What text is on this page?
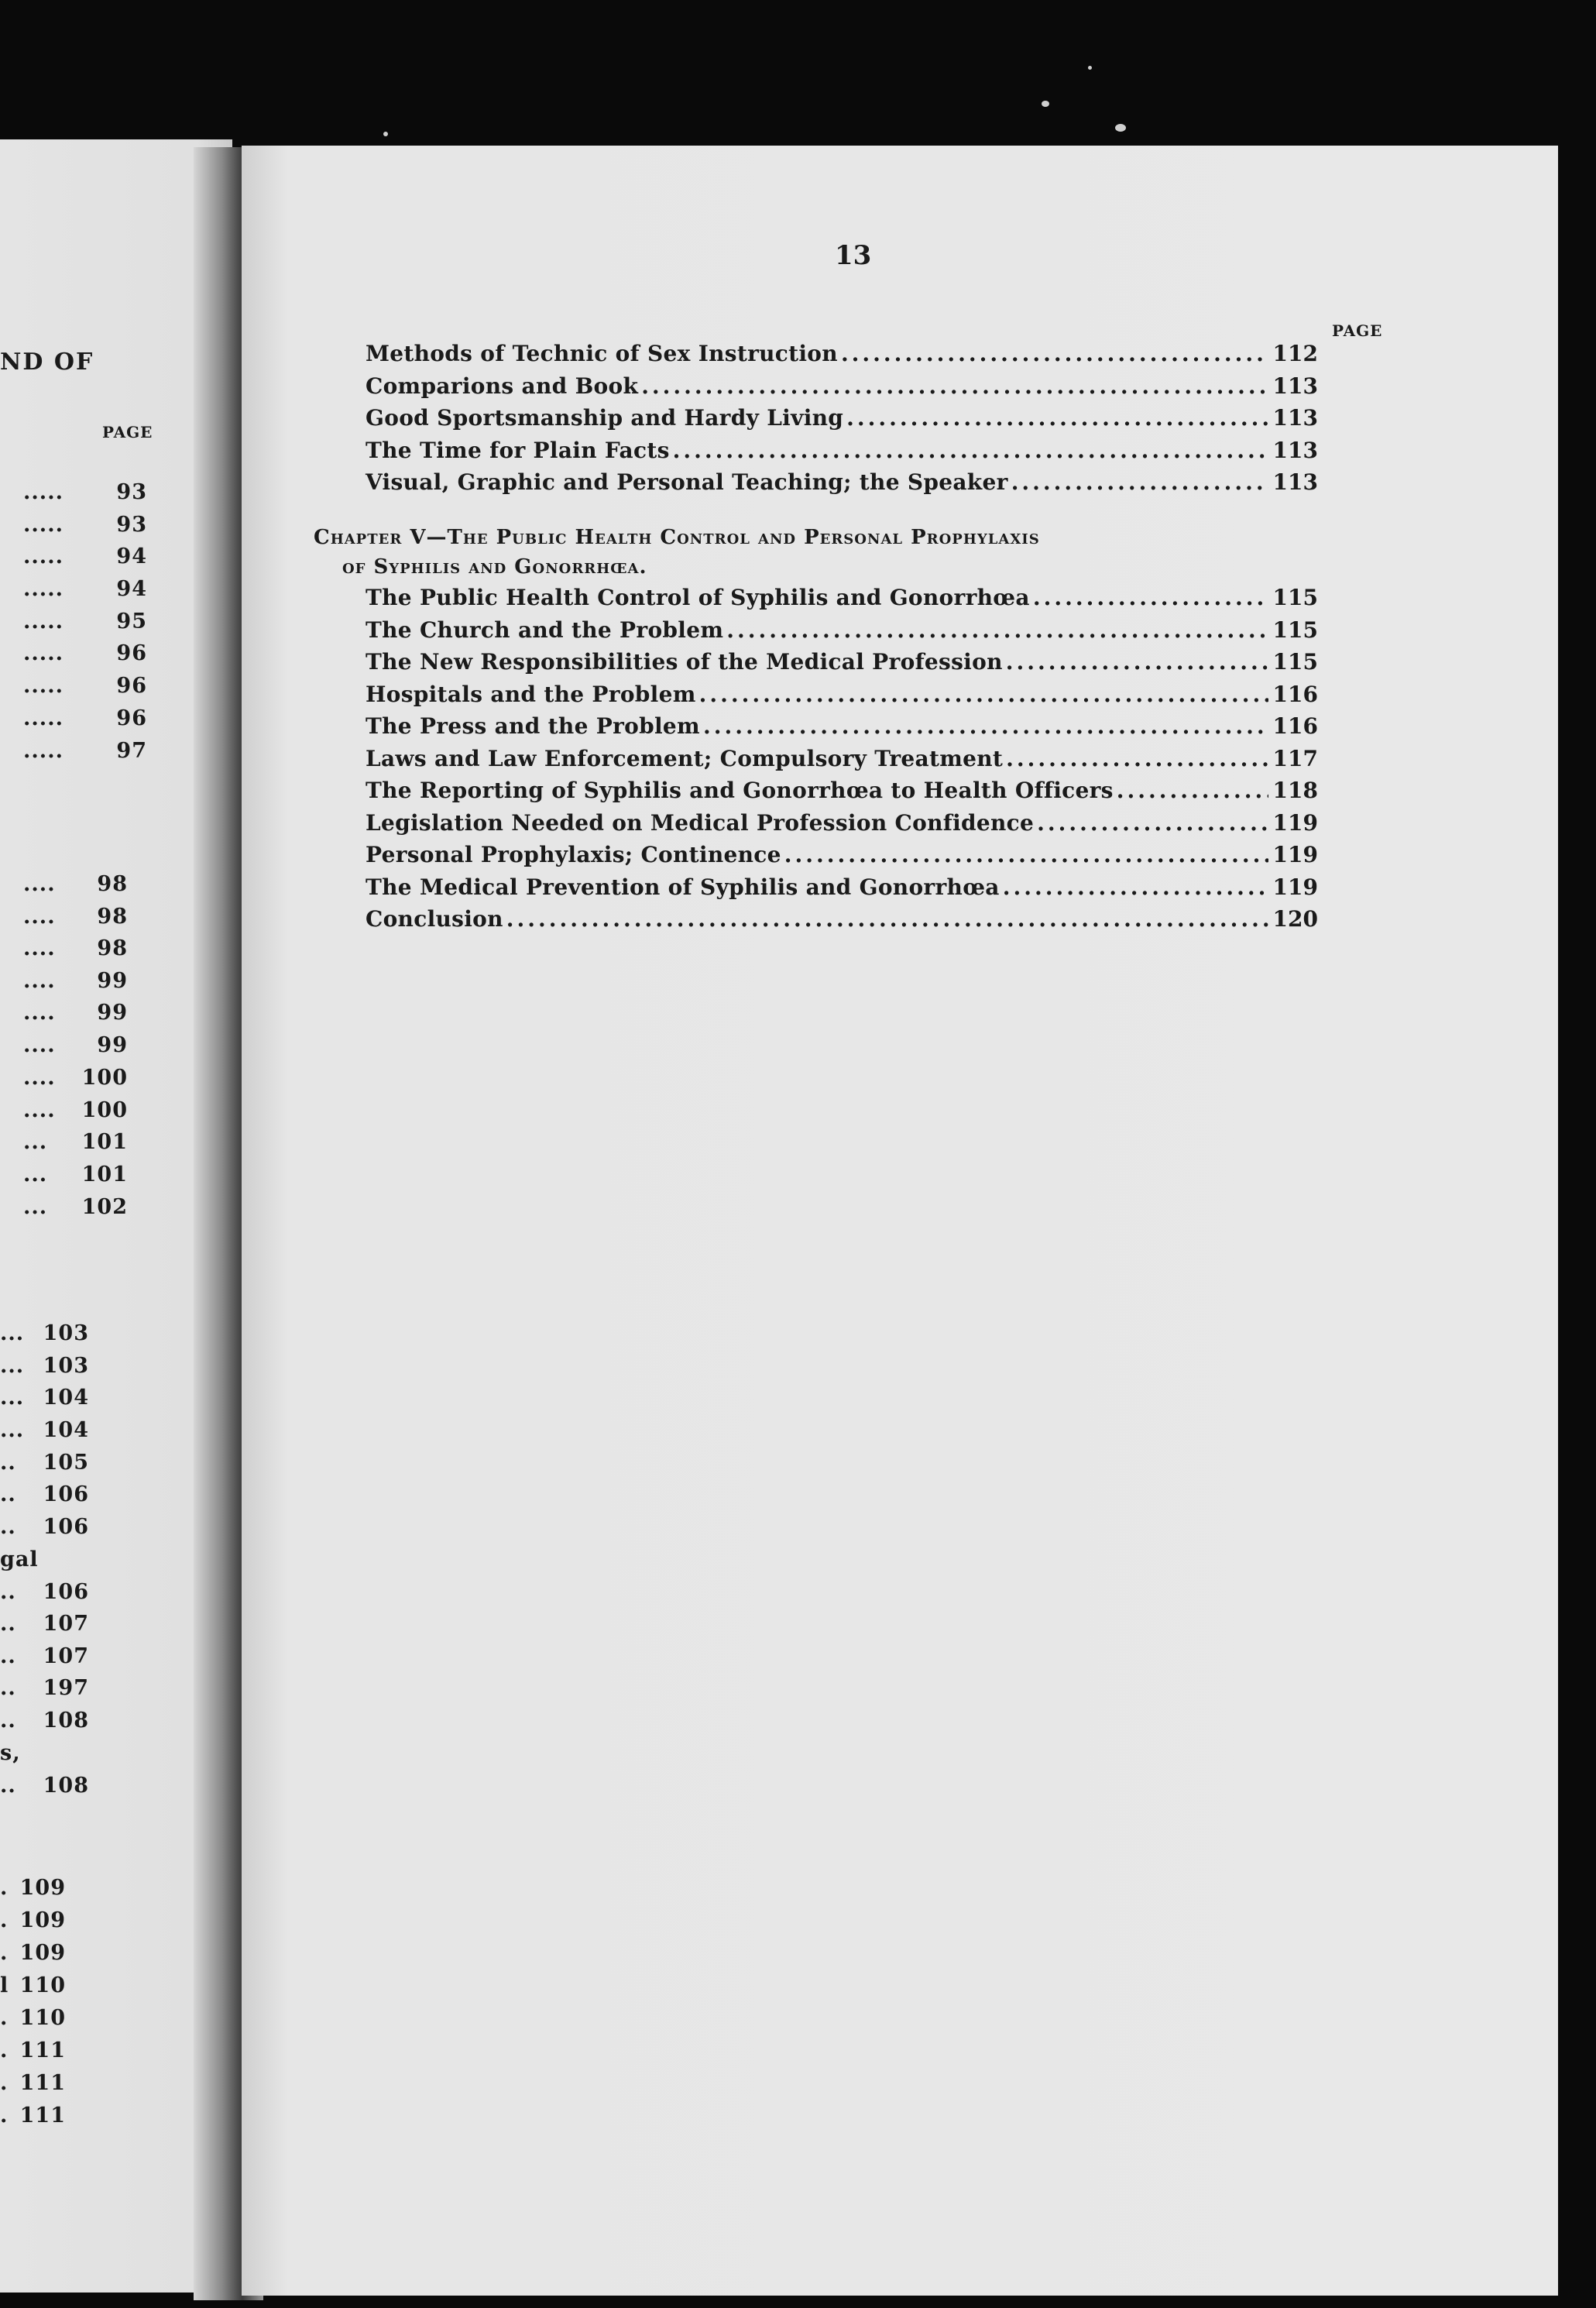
ND OF
PAGE
.....	93
.....	93
.....	94
.....	94
.....	95
.....	96
.....	96
.....	96
.....	97
.... 98
.... 98
.... 98
.... 99
.... 99
.... 99
.... 100
.... 100
... 101
... 101
... 102
... 103
... 103
... 104
... 104
.. 105
.. 106
.. 106
gal
.. 106
.. 107
.. 107
.. 197
.. 108
s,
.. 108
. 109
. 109
. 109
l 110
. 110
. 111
. 111
. 111
13
PAGE
Methods of Technic of Sex Instruction .....	112
Comparions and Book .....	113
Good Sportsmanship and Hardy Living .....	113
The Time for Plain Facts .....	113
Visual, Graphic and Personal Teaching; the Speaker .....	113
Chapter V—The Public Health Control and Personal Prophylaxis
of Syphilis and Gonorrhœa.
The Public Health Control of Syphilis and Gonorrhœa .....	115
The Church and the Problem .....	115
The New Responsibilities of the Medical Profession .....	115
Hospitals and the Problem .....	116
The Press and the Problem .....	116
Laws and Law Enforcement; Compulsory Treatment .....	117
The Reporting of Syphilis and Gonorrhœa to Health Officers .....	118
Legislation Needed on Medical Profession Confidence .....	119
Personal Prophylaxis; Continence .....	119
The Medical Prevention of Syphilis and Gonorrhœa .....	119
Conclusion .....	120
